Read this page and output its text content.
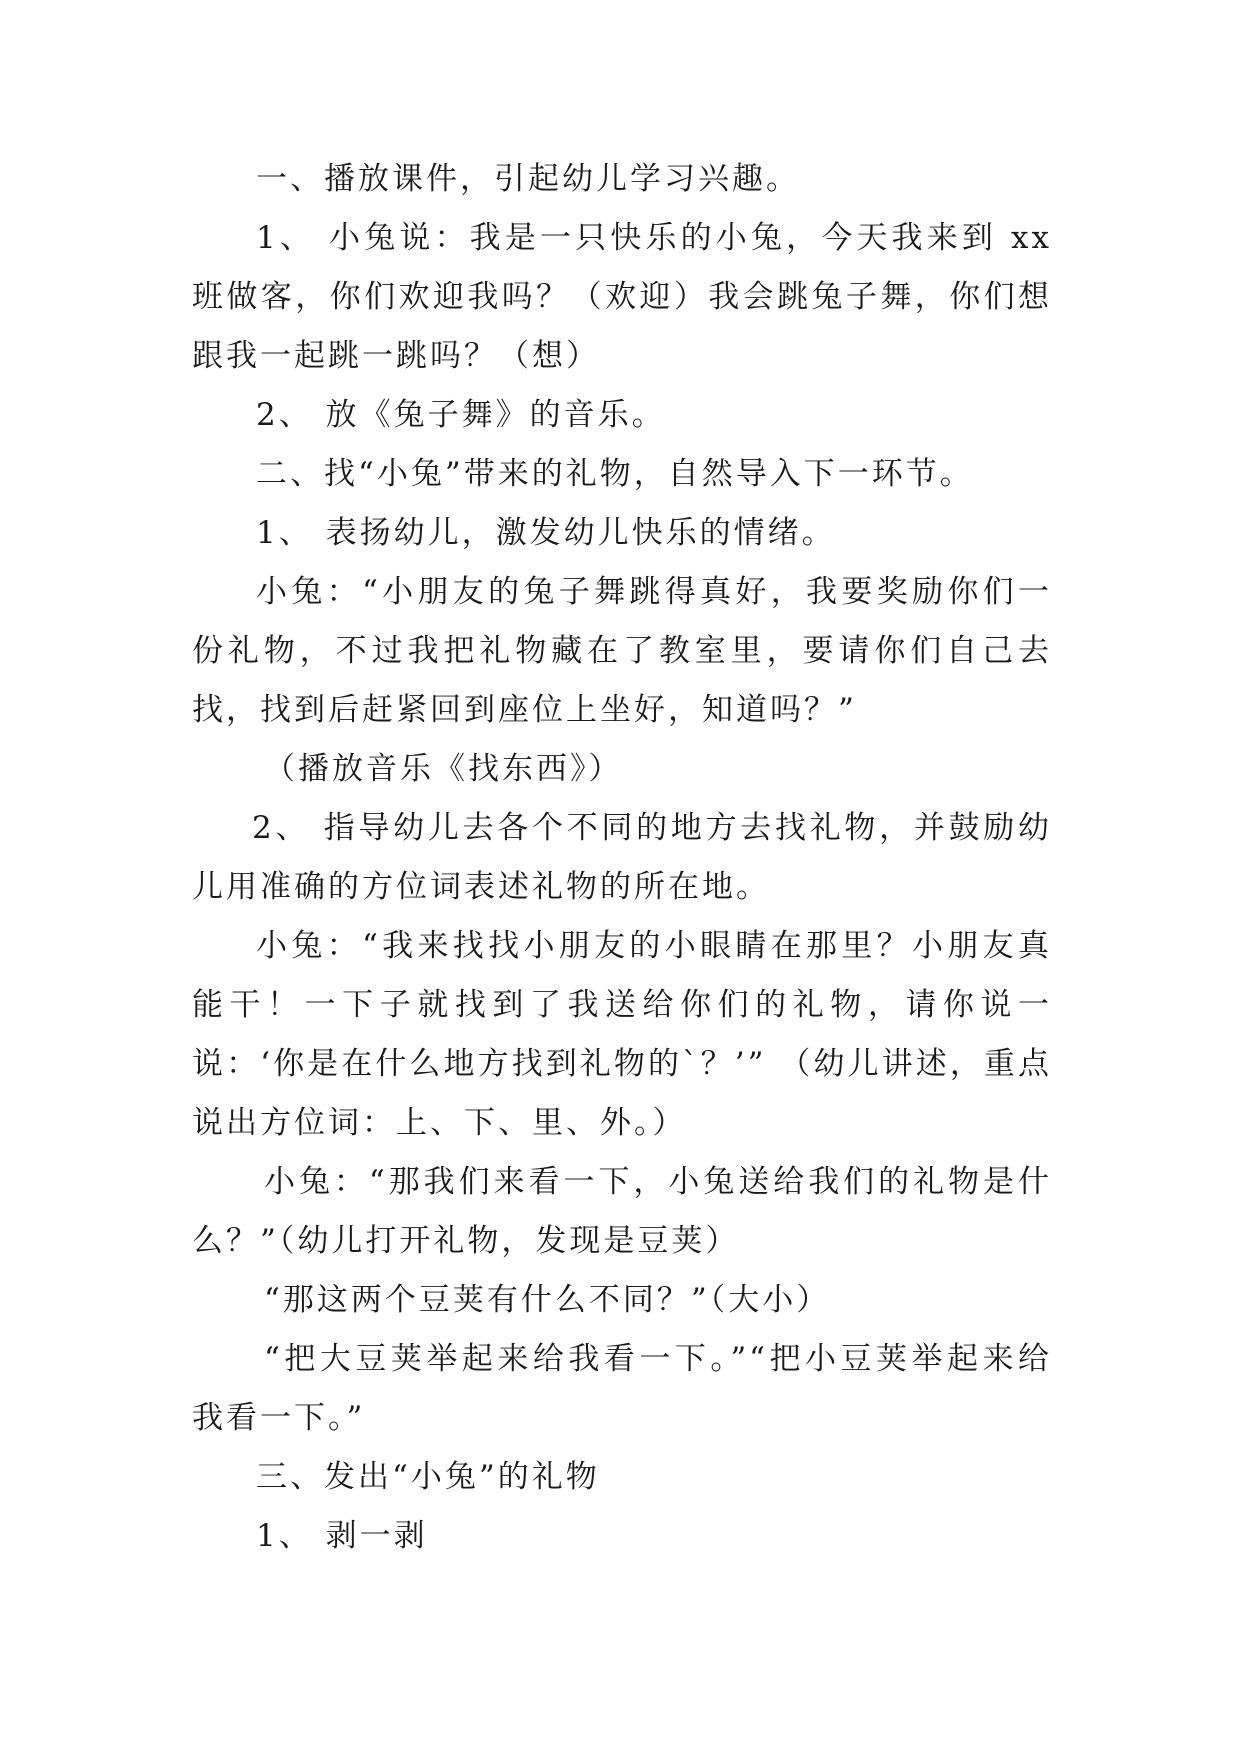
一、播放课件，引起幼儿学习兴趣。

1、 小兔说：我是一只快乐的小兔，今天我来到 xx 班做客，你们欢迎我吗？（欢迎）我会跳兔子舞，你们想跟我一起跳一跳吗？（想）

2、 放《兔子舞》的音乐。

二、找“小兔”带来的礼物，自然导入下一环节。

1、 表扬幼儿，激发幼儿快乐的情绪。

小兔：“小朋友的兔子舞跳得真好，我要奖励你们一份礼物，不过我把礼物藏在了教室里，要请你们自己去找，找到后赶紧回到座位上坐好，知道吗？”

（播放音乐《找东西》）

2、 指导幼儿去各个不同的地方去找礼物，并鼓励幼儿用准确的方位词表述礼物的所在地。

小兔：“我来找找小朋友的小眼睛在那里？小朋友真能干！一下子就找到了我送给你们的礼物，请你说一说：‘你是在什么地方找到礼物的`？’” （幼儿讲述，重点说出方位词：上、下、里、外。）

小兔：“那我们来看一下，小兔送给我们的礼物是什么？”（幼儿打开礼物，发现是豆荚）

“那这两个豆荚有什么不同？”（大小）

“把大豆荚举起来给我看一下。”“把小豆荚举起来给我看一下。”

三、发出“小兔”的礼物

1、 剥一剥
